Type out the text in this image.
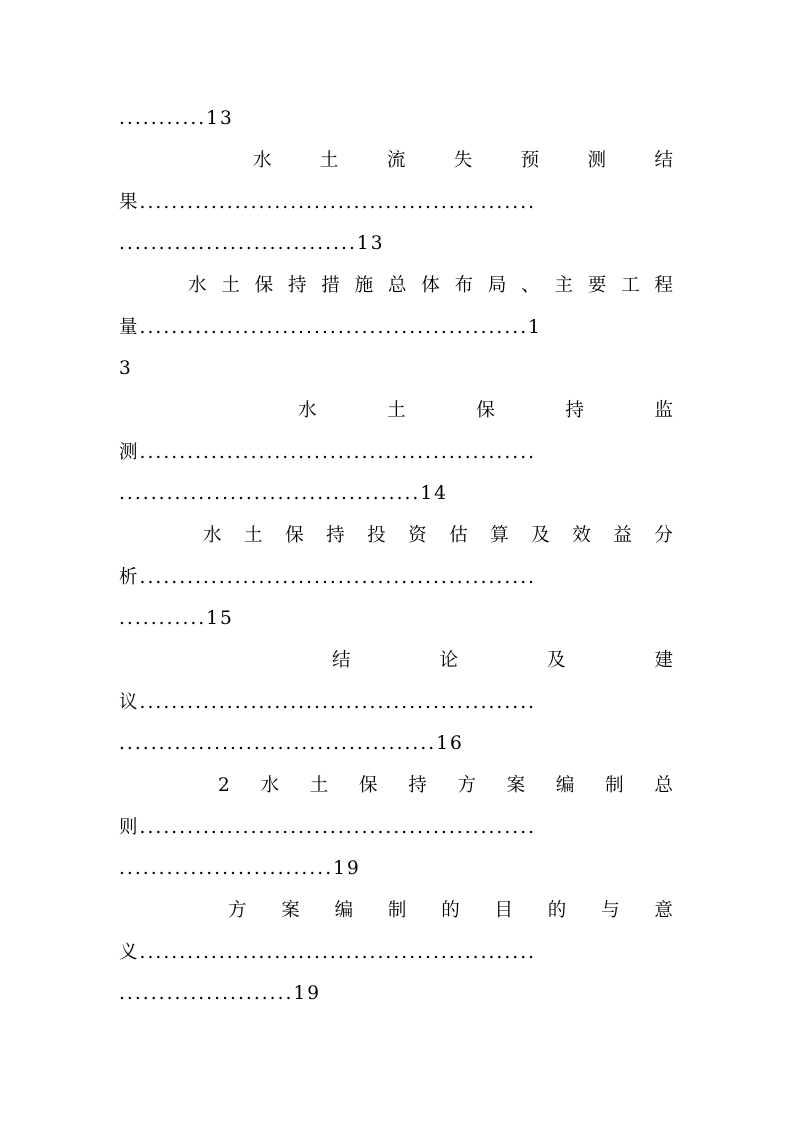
...........13
水	土	流	失	预	测	结
果..................................................
..............................13
水 土 保 持 措 施 总 体 布 局 、 主 要 工 程
量.................................................1
3
水	土	保	持	监
测..................................................
......................................14
水 土 保 持 投 资 估 算 及 效 益 分
析..................................................
...........15
结	论	及	建
议..................................................
........................................16
2 水 土 保 持 方 案 编 制 总
则..................................................
...........................19
方 案 编 制 的 目 的 与 意
义..................................................
......................19
